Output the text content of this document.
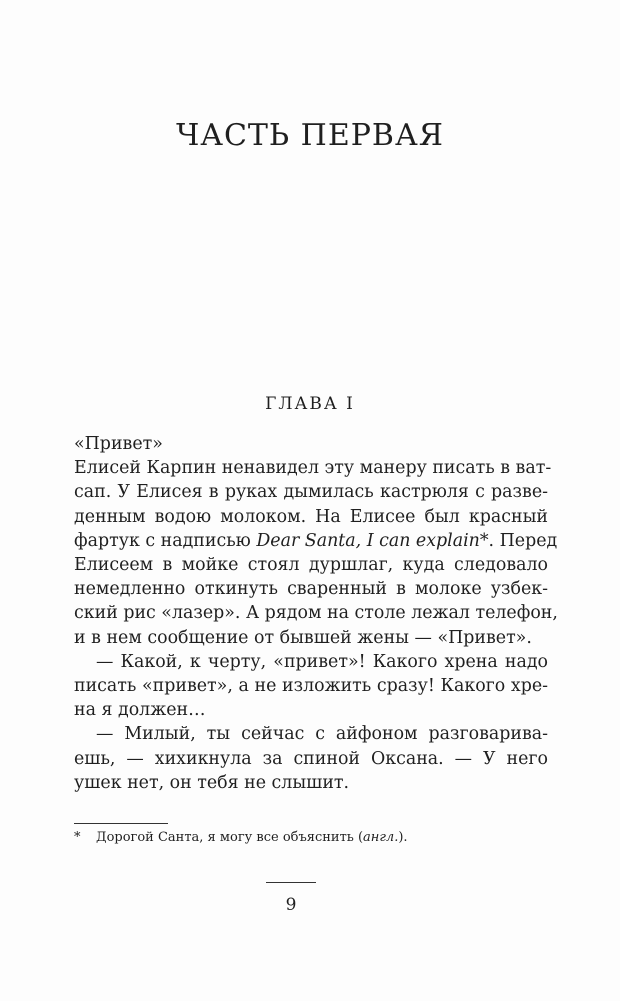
ЧАСТЬ ПЕРВАЯ
ГЛАВА I
«Привет»
Елисей Карпин ненавидел эту манеру писать в ват-
сап. У Елисея в руках дымилась кастрюля с разве-
денным водою молоком. На Елисее был красный
фартук с надписью Dear Santa, I can explain*. Перед
Елисеем в мойке стоял дуршлаг, куда следовало
немедленно откинуть сваренный в молоке узбек-
ский рис «лазер». А рядом на столе лежал телефон,
и в нем сообщение от бывшей жены — «Привет».
— Какой, к черту, «привет»! Какого хрена надо
писать «привет», а не изложить сразу! Какого хре-
на я должен…
— Милый, ты сейчас с айфоном разговарива-
ешь, — хихикнула за спиной Оксана. — У него
ушек нет, он тебя не слышит.
* Дорогой Санта, я могу все объяснить (англ.).
9
